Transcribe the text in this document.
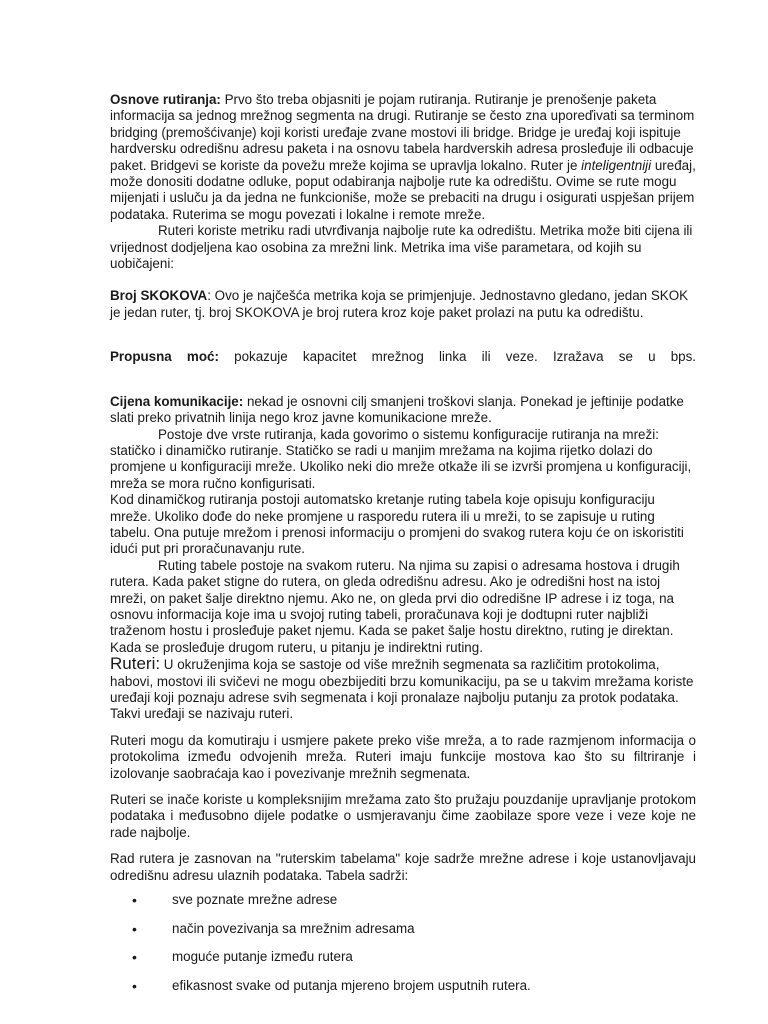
Osnove rutiranja: Prvo što treba objasniti je pojam rutiranja. Rutiranje je prenošenje paketa informacija sa jednog mrežnog segmenta na drugi. Rutiranje se često zna uporeďivati sa terminom bridging (premošćivanje) koji koristi uređaje zvane mostovi ili bridge. Bridge je uređaj koji ispituje hardversku odredišnu adresu paketa i na osnovu tabela hardverskih adresa prosleđuje ili odbacuje paket. Bridgevi se koriste da povežu mreže kojima se upravlja lokalno. Ruter je inteligentniji uređaj, može donositi dodatne odluke, poput odabiranja najbolje rute ka odredištu. Ovime se rute mogu mijenjati i usluču ja da jedna ne funkcioniše, može se prebaciti na drugu i osigurati uspješan prijem podataka. Ruterima se mogu povezati i lokalne i remote mreže.

Ruteri koriste metriku radi utvrđivanja najbolje rute ka odredištu. Metrika može biti cijena ili vrijednost dodjeljena kao osobina za mrežni link. Metrika ima više parametara, od kojih su uobičajeni:

Broj SKOKOVA: Ovo je najčešća metrika koja se primjenjuje. Jednostavno gledano, jedan SKOK je jedan ruter, tj. broj SKOKOVA je broj rutera kroz koje paket prolazi na putu ka odredištu.

Propusna moć: pokazuje kapacitet mrežnog linka ili veze. Izražava se u bps.

Cijena komunikacije: nekad je osnovni cilj smanjeni troškovi slanja. Ponekad je jeftinije podatke slati preko privatnih linija nego kroz javne komunikacione mreže.

Postoje dve vrste rutiranja, kada govorimo o sistemu konfiguracije rutiranja na mreži: statičko i dinamičko rutiranje. Statičko se radi u manjim mrežama na kojima rijetko dolazi do promjene u konfiguraciji mreže. Ukoliko neki dio mreže otkaže ili se izvrši promjena u konfiguraciji, mreža se mora ručno konfigurisati.

Kod dinamičkog rutiranja postoji automatsko kretanje ruting tabela koje opisuju konfiguraciju mreže. Ukoliko dođe do neke promjene u rasporedu rutera ili u mreži, to se zapisuje u ruting tabelu. Ona putuje mrežom i prenosi informaciju o promjeni do svakog rutera koju će on iskoristiti idući put pri proračunavanju rute.

Ruting tabele postoje na svakom ruteru. Na njima su zapisi o adresama hostova i drugih rutera. Kada paket stigne do rutera, on gleda odredišnu adresu. Ako je odredišni host na istoj mreži, on paket šalje direktno njemu. Ako ne, on gleda prvi dio odredišne IP adrese i iz toga, na osnovu informacija koje ima u svojoj ruting tabeli, proračunava koji je dodtupni ruter najbliži traženom hostu i prosleđuje paket njemu. Kada se paket šalje hostu direktno, ruting je direktan. Kada se prosleđuje drugom ruteru, u pitanju je indirektni ruting.

Ruteri: U okruženjima koja se sastoje od više mrežnih segmenata sa različitim protokolima, habovi, mostovi ili svičevi ne mogu obezbijediti brzu komunikaciju, pa se u takvim mrežama koriste uređaji koji poznaju adrese svih segmenata i koji pronalaze najbolju putanju za protok podataka. Takvi uređaji se nazivaju ruteri.

Ruteri mogu da komutiraju i usmjere pakete preko više mreža, a to rade razmjenom informacija o protokolima između odvojenih mreža. Ruteri imaju funkcije mostova kao što su filtriranje i izolovanje saobraćaja kao i povezivanje mrežnih segmenata.

Ruteri se inače koriste u kompleksnijim mrežama zato što pružaju pouzdanije upravljanje protokom podataka i međusobno dijele podatke o usmjeravanju čime zaobilaze spore veze i veze koje ne rade najbolje.

Rad rutera je zasnovan na "ruterskim tabelama" koje sadrže mrežne adrese i koje ustanovljavaju odredišnu adresu ulaznih podataka. Tabela sadrži:

•	sve poznate mrežne adrese
•	način povezivanja sa mrežnim adresama
•	moguće putanje između rutera
•	efikasnost svake od putanja mjereno brojem usputnih rutera.
